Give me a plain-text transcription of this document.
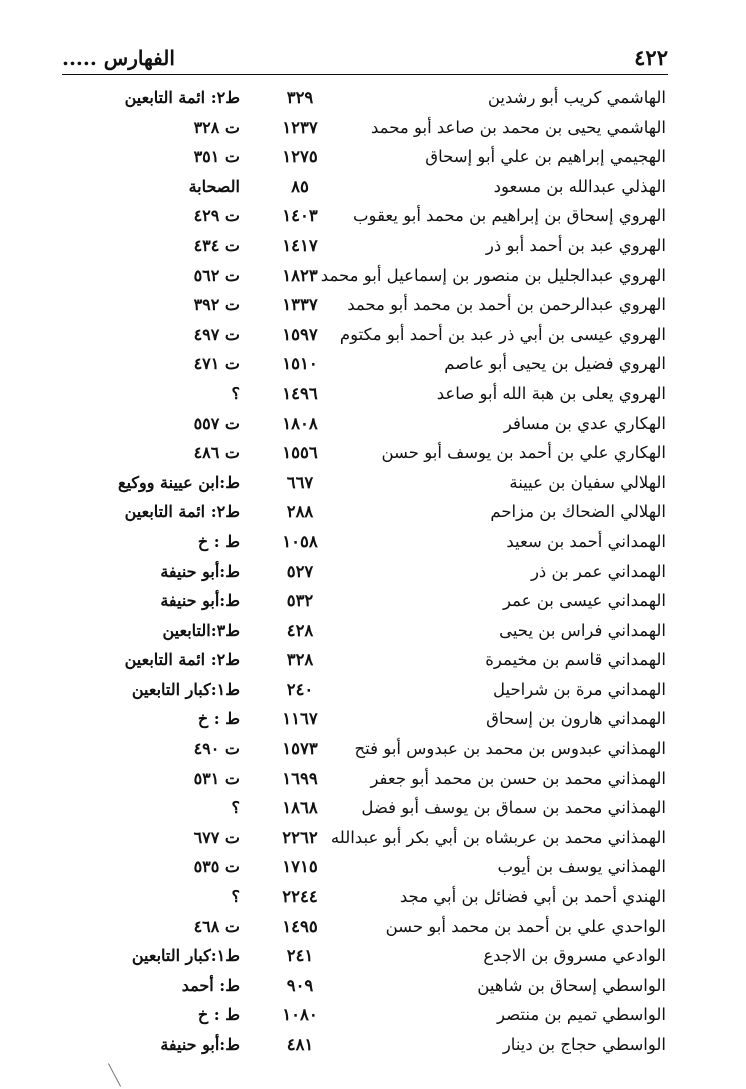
٤٢٢
الفهارس .....
الهاشمي كريب أبو رشدين
٣٢٩
ط٢: ائمة التابعين
الهاشمي يحيى بن محمد بن صاعد أبو محمد
١٢٣٧
ت ٣٢٨
الهجيمي إبراهيم بن علي أبو إسحاق
١٢٧٥
ت ٣٥١
الهذلي عبدالله بن مسعود
٨٥
الصحابة
الهروي إسحاق بن إبراهيم بن محمد أبو يعقوب
١٤٠٣
ت ٤٢٩
الهروي عبد بن أحمد أبو ذر
١٤١٧
ت ٤٣٤
الهروي عبدالجليل بن منصور بن إسماعيل أبو محمد
١٨٢٣
ت ٥٦٢
الهروي عبدالرحمن بن أحمد بن محمد أبو محمد
١٣٣٧
ت ٣٩٢
الهروي عيسى بن أبي ذر عبد بن أحمد أبو مكتوم
١٥٩٧
ت ٤٩٧
الهروي فضيل بن يحيى أبو عاصم
١٥١٠
ت ٤٧١
الهروي يعلى بن هبة الله أبو صاعد
١٤٩٦
؟
الهكاري عدي بن مسافر
١٨٠٨
ت ٥٥٧
الهكاري علي بن أحمد بن يوسف أبو حسن
١٥٥٦
ت ٤٨٦
الهلالي سفيان بن عيينة
٦٦٧
ط:ابن عيينة ووكيع
الهلالي الضحاك بن مزاحم
٢٨٨
ط٢: ائمة التابعين
الهمداني أحمد بن سعيد
١٠٥٨
ط : خ
الهمداني عمر بن ذر
٥٢٧
ط:أبو حنيفة
الهمداني عيسى بن عمر
٥٣٢
ط:أبو حنيفة
الهمداني فراس بن يحيى
٤٢٨
ط٣:التابعين
الهمداني قاسم بن مخيمرة
٣٢٨
ط٢: ائمة التابعين
الهمداني مرة بن شراحيل
٢٤٠
ط١:كبار التابعين
الهمداني هارون بن إسحاق
١١٦٧
ط : خ
الهمذاني عبدوس بن محمد بن عبدوس أبو فتح
١٥٧٣
ت ٤٩٠
الهمذاني محمد بن حسن بن محمد أبو جعفر
١٦٩٩
ت ٥٣١
الهمذاني محمد بن سماق بن يوسف أبو فضل
١٨٦٨
؟
الهمذاني محمد بن عربشاه بن أبي بكر أبو عبدالله
٢٢٦٢
ت ٦٧٧
الهمذاني يوسف بن أيوب
١٧١٥
ت ٥٣٥
الهندي أحمد بن أبي فضائل بن أبي مجد
٢٢٤٤
؟
الواحدي علي بن أحمد بن محمد أبو حسن
١٤٩٥
ت ٤٦٨
الوادعي مسروق بن الاجدع
٢٤١
ط١:كبار التابعين
الواسطي إسحاق بن شاهين
٩٠٩
ط: أحمد
الواسطي تميم بن منتصر
١٠٨٠
ط : خ
الواسطي حجاج بن دينار
٤٨١
ط:أبو حنيفة
